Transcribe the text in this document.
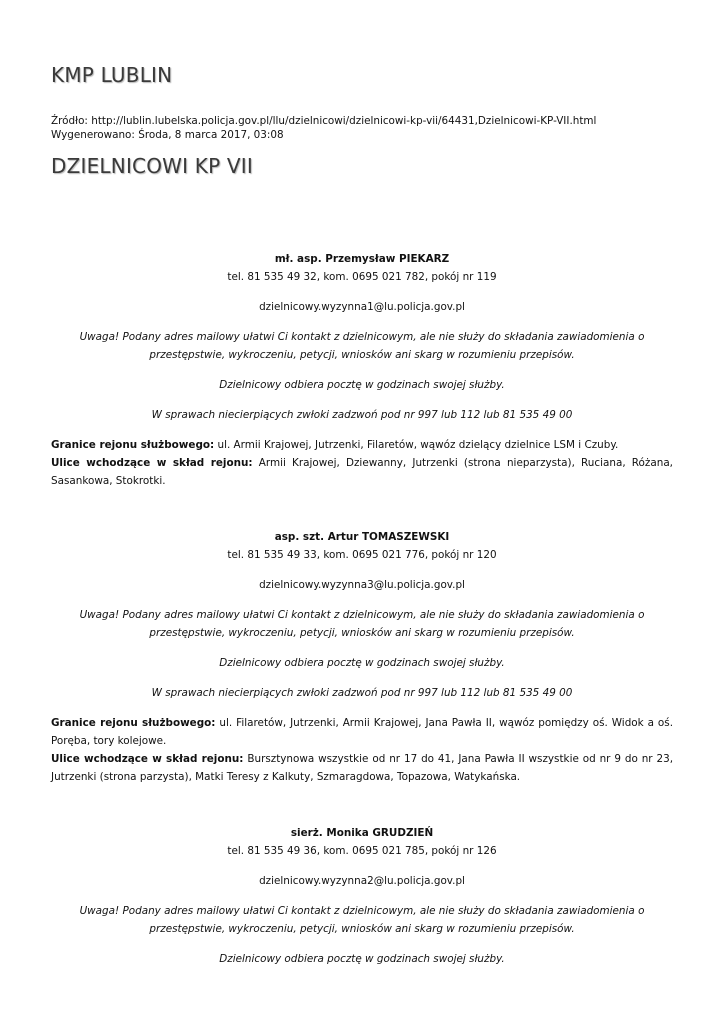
KMP LUBLIN
Źródło: http://lublin.lubelska.policja.gov.pl/llu/dzielnicowi/dzielnicowi-kp-vii/64431,Dzielnicowi-KP-VII.html
Wygenerowano: Środa, 8 marca 2017, 03:08
DZIELNICOWI KP VII
mł. asp. Przemysław PIEKARZ
tel. 81 535 49 32, kom. 0695 021 782, pokój nr 119
dzielnicowy.wyzynna1@lu.policja.gov.pl
Uwaga! Podany adres mailowy ułatwi Ci kontakt z dzielnicowym, ale nie służy do składania zawiadomienia o przestępstwie, wykroczeniu, petycji, wniosków ani skarg w rozumieniu przepisów.
Dzielnicowy odbiera pocztę w godzinach swojej służby.
W sprawach niecierpiących zwłoki zadzwoń pod nr 997 lub 112 lub 81 535 49 00
Granice rejonu służbowego: ul. Armii Krajowej, Jutrzenki, Filaretów, wąwóz dzielący dzielnice LSM i Czuby.
Ulice wchodzące w skład rejonu: Armii Krajowej, Dziewanny, Jutrzenki (strona nieparzysta), Ruciana, Różana, Sasankowa, Stokrotki.
asp. szt. Artur TOMASZEWSKI
tel. 81 535 49 33, kom. 0695 021 776, pokój nr 120
dzielnicowy.wyzynna3@lu.policja.gov.pl
Uwaga! Podany adres mailowy ułatwi Ci kontakt z dzielnicowym, ale nie służy do składania zawiadomienia o przestępstwie, wykroczeniu, petycji, wniosków ani skarg w rozumieniu przepisów.
Dzielnicowy odbiera pocztę w godzinach swojej służby.
W sprawach niecierpiących zwłoki zadzwoń pod nr 997 lub 112 lub 81 535 49 00
Granice rejonu służbowego: ul. Filaretów, Jutrzenki, Armii Krajowej, Jana Pawła II, wąwóz pomiędzy oś. Widok a oś. Poręba, tory kolejowe.
Ulice wchodzące w skład rejonu: Bursztynowa wszystkie od nr 17 do 41, Jana Pawła II wszystkie od nr 9 do nr 23, Jutrzenki (strona parzysta), Matki Teresy z Kalkuty, Szmaragdowa, Topazowa, Watykańska.
sierż. Monika GRUDZIEŃ
tel. 81 535 49 36, kom. 0695 021 785, pokój nr 126
dzielnicowy.wyzynna2@lu.policja.gov.pl
Uwaga! Podany adres mailowy ułatwi Ci kontakt z dzielnicowym, ale nie służy do składania zawiadomienia o przestępstwie, wykroczeniu, petycji, wniosków ani skarg w rozumieniu przepisów.
Dzielnicowy odbiera pocztę w godzinach swojej służby.
